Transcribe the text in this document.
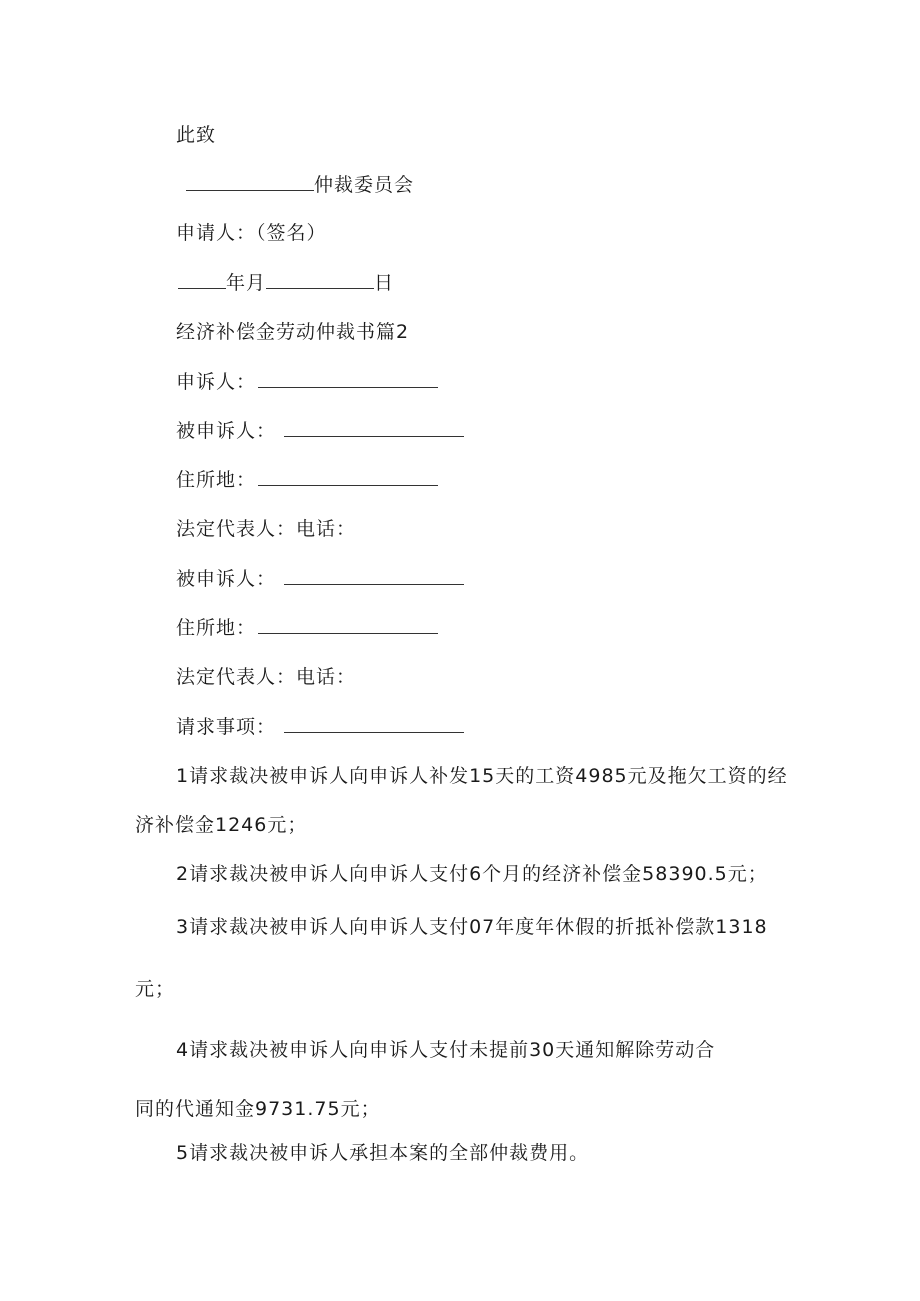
此致
仲裁委员会
申请人：（签名）
年月	日
经济补偿金劳动仲裁书篇2
申诉人：
被申诉人：
住所地：
法定代表人：电话：
被申诉人：
住所地：
法定代表人：电话：
请求事项：
1请求裁决被申诉人向申诉人补发15天的工资4985元及拖欠工资的经
济补偿金1246元；
2请求裁决被申诉人向申诉人支付6个月的经济补偿金58390.5元；
3请求裁决被申诉人向申诉人支付07年度年休假的折抵补偿款1318
元；
4请求裁决被申诉人向申诉人支付未提前30天通知解除劳动合
同的代通知金9731.75元；
5请求裁决被申诉人承担本案的全部仲裁费用。
